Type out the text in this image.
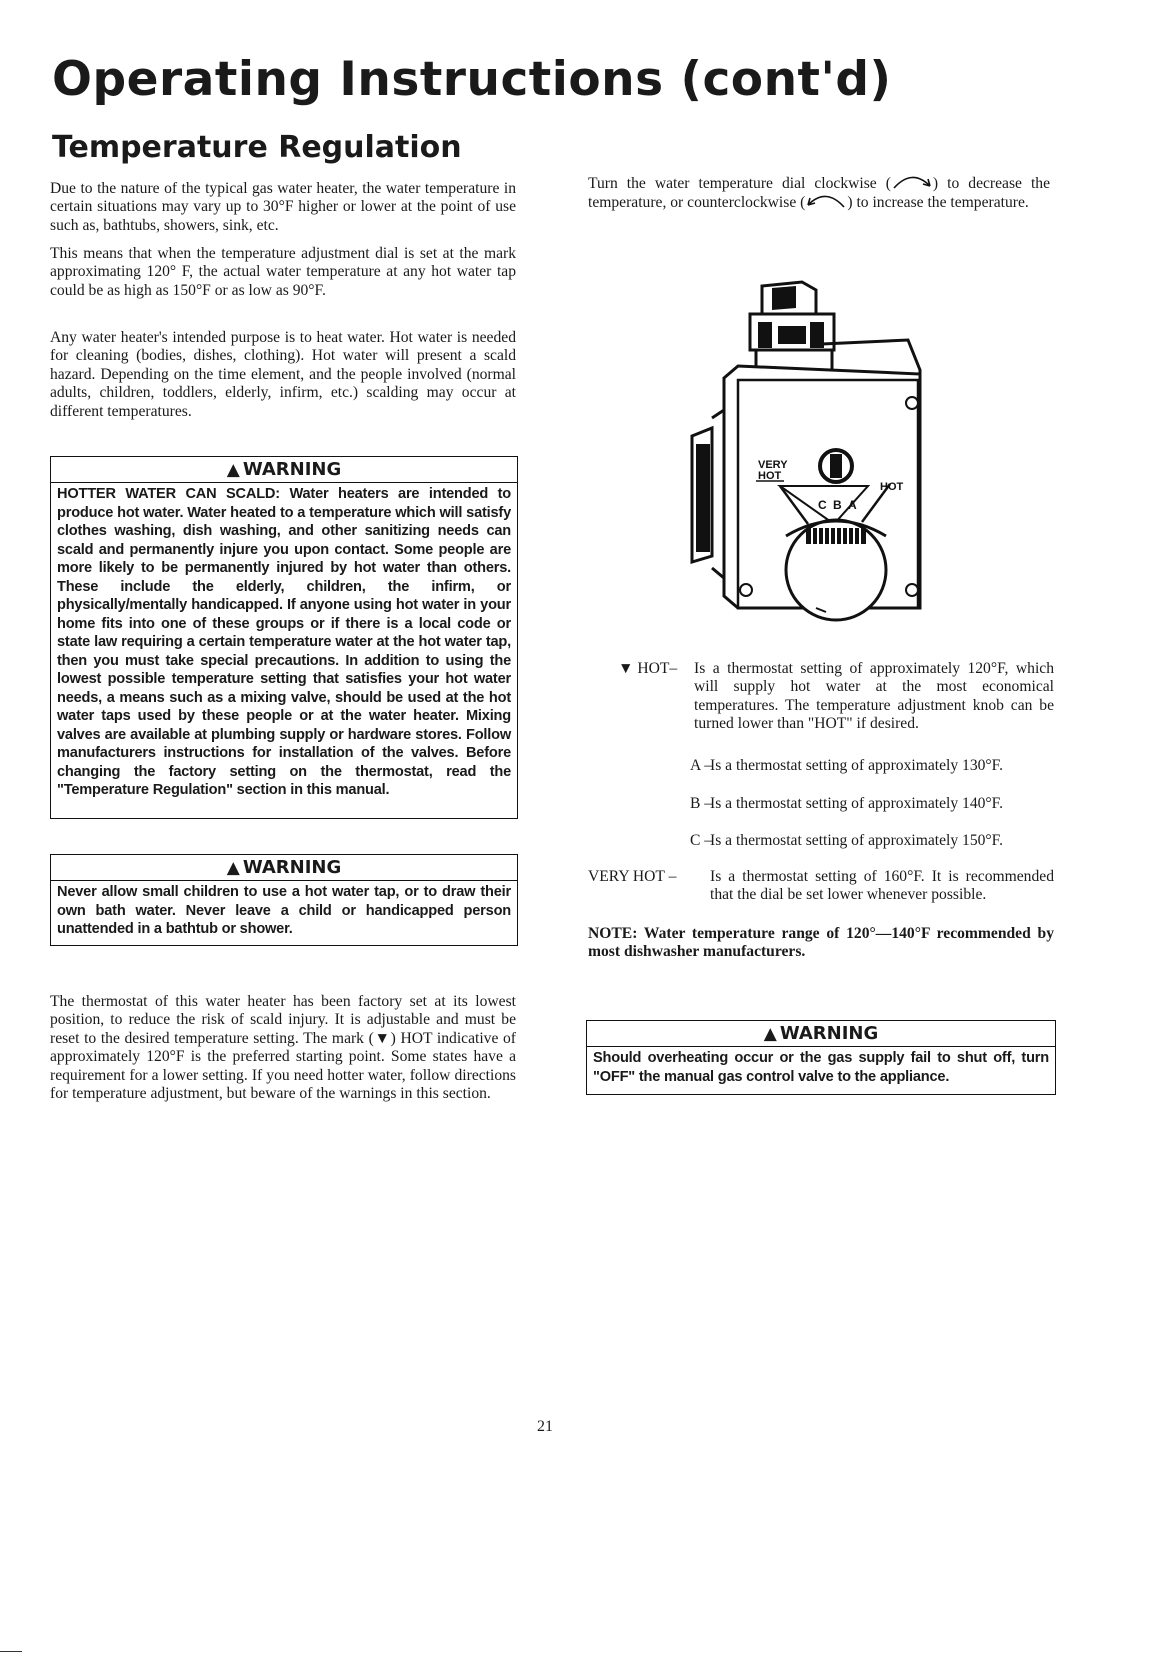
Operating Instructions (cont'd)
Temperature Regulation

Due to the nature of the typical gas water heater, the water temperature in certain situations may vary up to 30°F higher or lower at the point of use such as, bathtubs, showers, sink, etc.

This means that when the temperature adjustment dial is set at the mark approximating 120° F, the actual water temperature at any hot water tap could be as high as 150°F or as low as 90°F.

Any water heater's intended purpose is to heat water. Hot water is needed for cleaning (bodies, dishes, clothing). Hot water will present a scald hazard. Depending on the time element, and the people involved (normal adults, children, toddlers, elderly, infirm, etc.) scalding may occur at different temperatures.

▲ WARNING
HOTTER WATER CAN SCALD: Water heaters are intended to produce hot water. Water heated to a temperature which will satisfy clothes washing, dish washing, and other sanitizing needs can scald and permanently injure you upon contact. Some people are more likely to be permanently injured by hot water than others. These include the elderly, children, the infirm, or physically/mentally handicapped. If anyone using hot water in your home fits into one of these groups or if there is a local code or state law requiring a certain temperature water at the hot water tap, then you must take special precautions. In addition to using the lowest possible temperature setting that satisfies your hot water needs, a means such as a mixing valve, should be used at the hot water taps used by these people or at the water heater. Mixing valves are available at plumbing supply or hardware stores. Follow manufacturers instructions for installation of the valves. Before changing the factory setting on the thermostat, read the "Temperature Regulation" section in this manual.
▲ WARNING
Never allow small children to use a hot water tap, or to draw their own bath water. Never leave a child or handicapped person unattended in a bathtub or shower.

The thermostat of this water heater has been factory set at its lowest position, to reduce the risk of scald injury. It is adjustable and must be reset to the desired temperature setting. The mark (▼) HOT indicative of approximately 120°F is the preferred starting point. Some states have a requirement for a lower setting. If you need hotter water, follow directions for temperature adjustment, but beware of the warnings in this section.

Turn the water temperature dial clockwise (	) to decrease the temperature, or counterclockwise (	) to increase the temperature.

VERY
HOT
HOT
C B A
▼ HOT– Is a thermostat setting of approximately 120°F, which will supply hot water at the most economical temperatures. The temperature adjustment knob can be turned lower than "HOT" if desired.
A –
Is a thermostat setting of approximately 130°F.
B –
Is a thermostat setting of approximately 140°F.
C –
Is a thermostat setting of approximately 150°F.
VERY HOT – Is a thermostat setting of 160°F. It is recommended that the dial be set lower whenever possible.

NOTE: Water temperature range of 120°—140°F recommended by most dishwasher manufacturers.

▲ WARNING
Should overheating occur or the gas supply fail to shut off, turn "OFF" the manual gas control valve to the appliance.
21
